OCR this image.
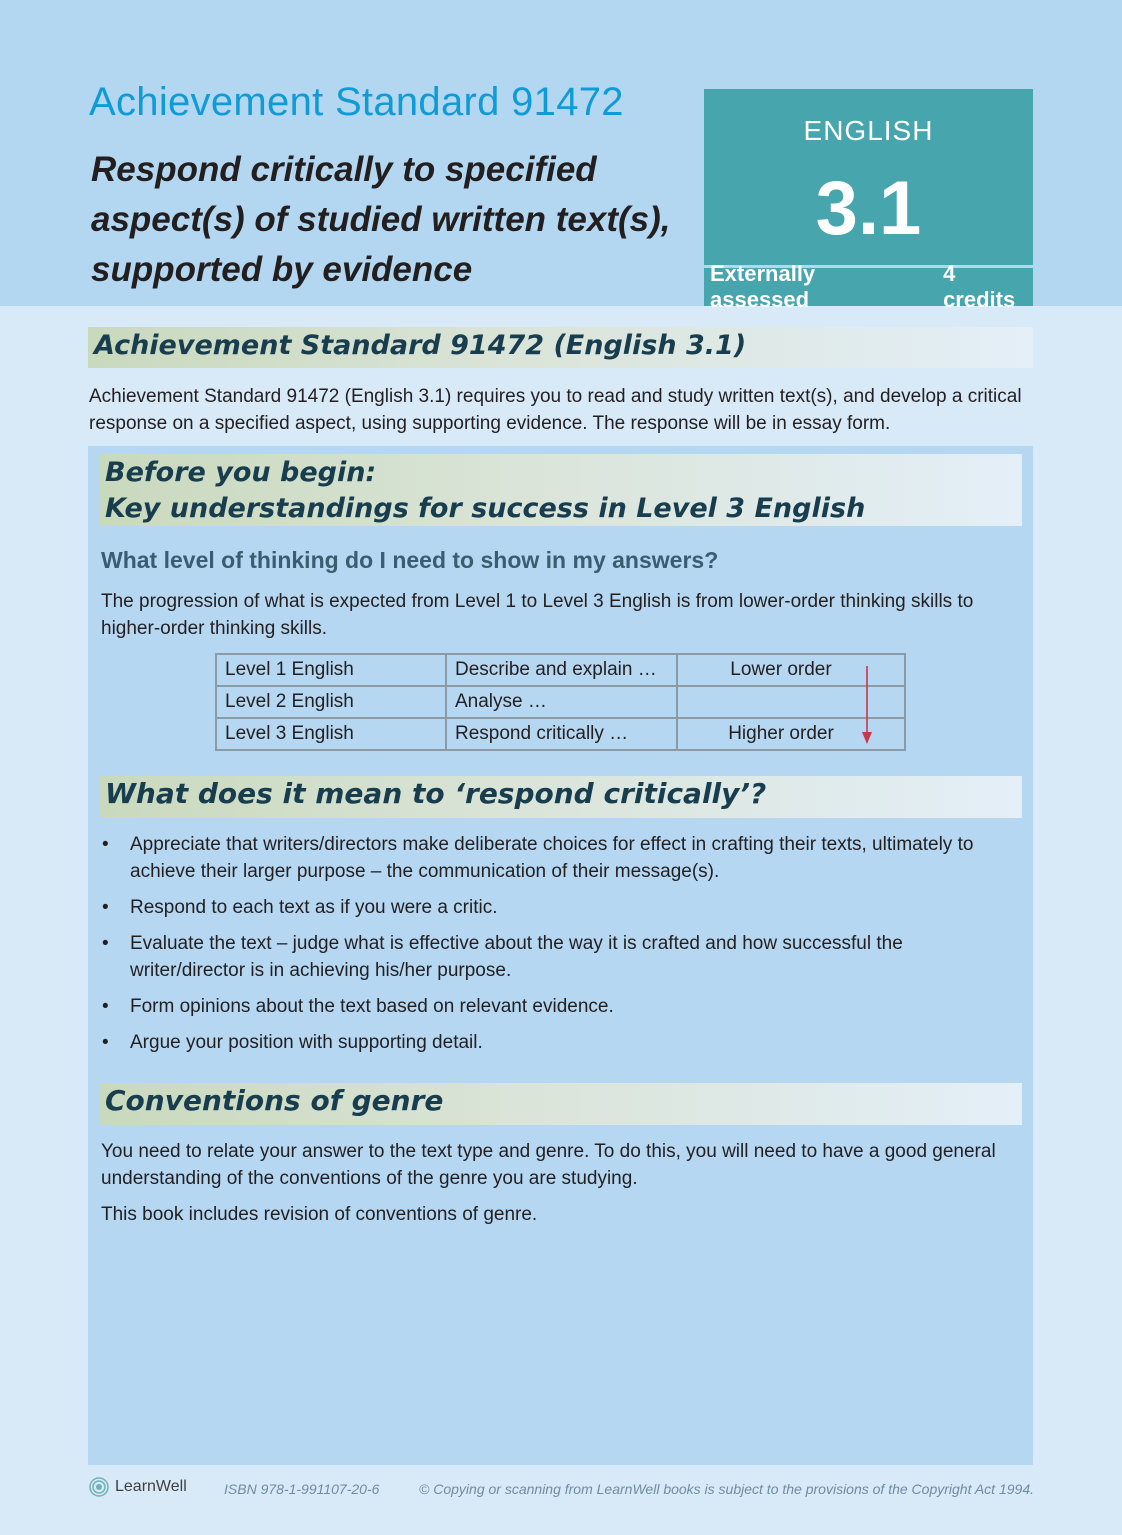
Achievement Standard 91472
Respond critically to specified aspect(s) of studied written text(s), supported by evidence
ENGLISH
3.1
Externally assessed
4 credits
Achievement Standard 91472 (English 3.1)

Achievement Standard 91472 (English 3.1) requires you to read and study written text(s), and develop a critical response on a specified aspect, using supporting evidence. The response will be in essay form.

Before you begin:
Key understandings for success in Level 3 English
What level of thinking do I need to show in my answers?

The progression of what is expected from Level 1 to Level 3 English is from lower-order thinking skills to higher-order thinking skills.

Level 1 English	Describe and explain …	Lower order
Level 2 English	Analyse …	
Level 3 English	Respond critically …	Higher order
What does it mean to ‘respond critically’?
• Appreciate that writers/directors make deliberate choices for effect in crafting their texts, ultimately to achieve their larger purpose – the communication of their message(s).
• Respond to each text as if you were a critic.
• Evaluate the text – judge what is effective about the way it is crafted and how successful the writer/director is in achieving his/her purpose.
• Form opinions about the text based on relevant evidence.
• Argue your position with supporting detail.
Conventions of genre

You need to relate your answer to the text type and genre. To do this, you will need to have a good general understanding of the conventions of the genre you are studying.

This book includes revision of conventions of genre.

LearnWell	ISBN 978-1-991107-20-6	© Copying or scanning from LearnWell books is subject to the provisions of the Copyright Act 1994.
